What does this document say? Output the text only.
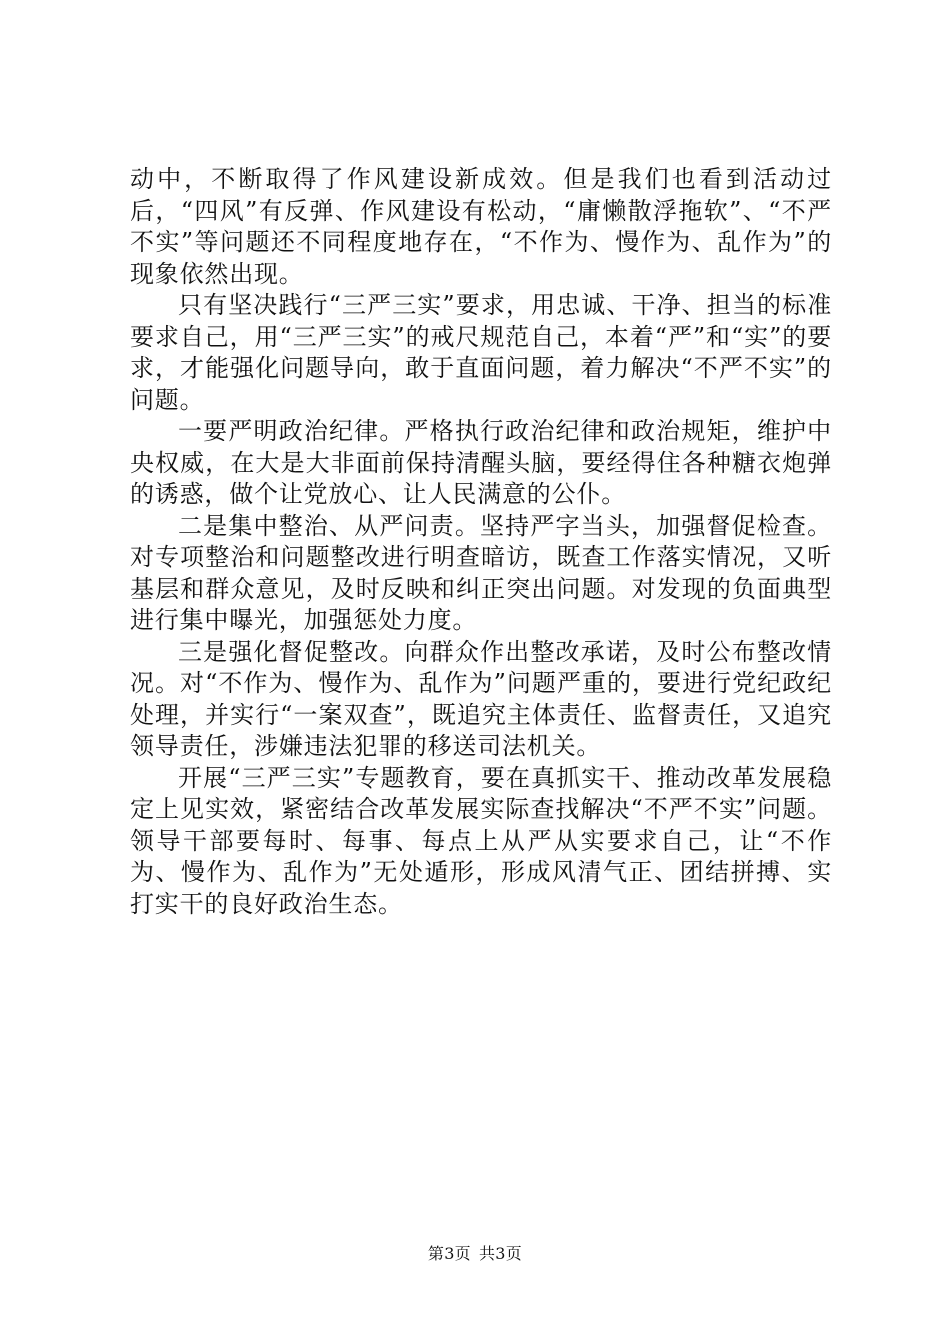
动中，不断取得了作风建设新成效。但是我们也看到活动过后，“四风”有反弹、作风建设有松动，“庸懒散浮拖软”、“不严不实”等问题还不同程度地存在，“不作为、慢作为、乱作为”的现象依然出现。

只有坚决践行“三严三实”要求，用忠诚、干净、担当的标准要求自己，用“三严三实”的戒尺规范自己，本着“严”和“实”的要求，才能强化问题导向，敢于直面问题，着力解决“不严不实”的问题。

一要严明政治纪律。严格执行政治纪律和政治规矩，维护中央权威，在大是大非面前保持清醒头脑，要经得住各种糖衣炮弹的诱惑，做个让党放心、让人民满意的公仆。

二是集中整治、从严问责。坚持严字当头，加强督促检查。对专项整治和问题整改进行明查暗访，既查工作落实情况，又听基层和群众意见，及时反映和纠正突出问题。对发现的负面典型进行集中曝光，加强惩处力度。

三是强化督促整改。向群众作出整改承诺，及时公布整改情况。对“不作为、慢作为、乱作为”问题严重的，要进行党纪政纪处理，并实行“一案双查”，既追究主体责任、监督责任，又追究领导责任，涉嫌违法犯罪的移送司法机关。

开展“三严三实”专题教育，要在真抓实干、推动改革发展稳定上见实效，紧密结合改革发展实际查找解决“不严不实”问题。领导干部要每时、每事、每点上从严从实要求自己，让“不作为、慢作为、乱作为”无处遁形，形成风清气正、团结拼搏、实打实干的良好政治生态。

第3页 共3页
